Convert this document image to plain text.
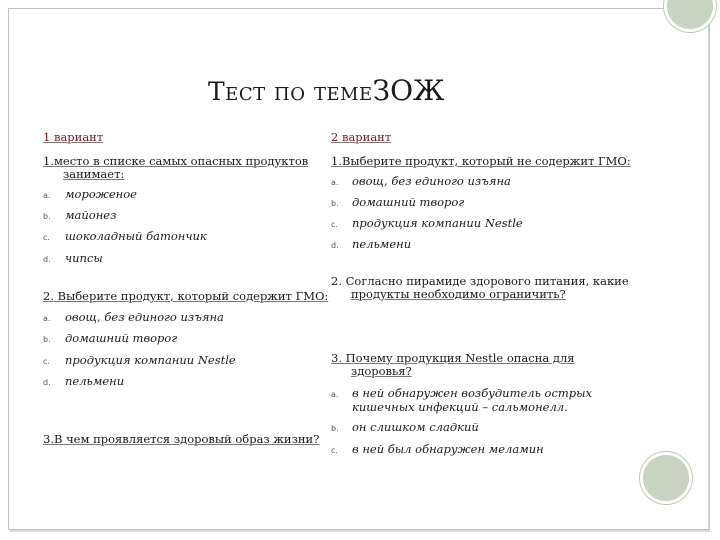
Тест по темеЗОЖ
1 вариант
1.место в списке самых опасных продуктов
занимает:
a. мороженое
b. майонез
c. шоколадный батончик
d. чипсы
2. Выберите продукт, который содержит ГМО:
a. овощ, без единого изъяна
b. домашний творог
c. продукция компании Nestle
d. пельмени
3.В чем проявляется здоровый образ жизни?
2 вариант
1.Выберите продукт, который не содержит ГМО:
a. овощ, без единого изъяна
b. домашний творог
c. продукция компании Nestle
d. пельмени
2. Согласно пирамиде здорового питания, какие
продукты необходимо ограничить?
3. Почему продукция Nestle опасна для
здоровья?
a. в ней обнаружен возбудитель острых
кишечных инфекций – сальмонелл.
b. он слишком сладкий
c. в ней был обнаружен меламин
